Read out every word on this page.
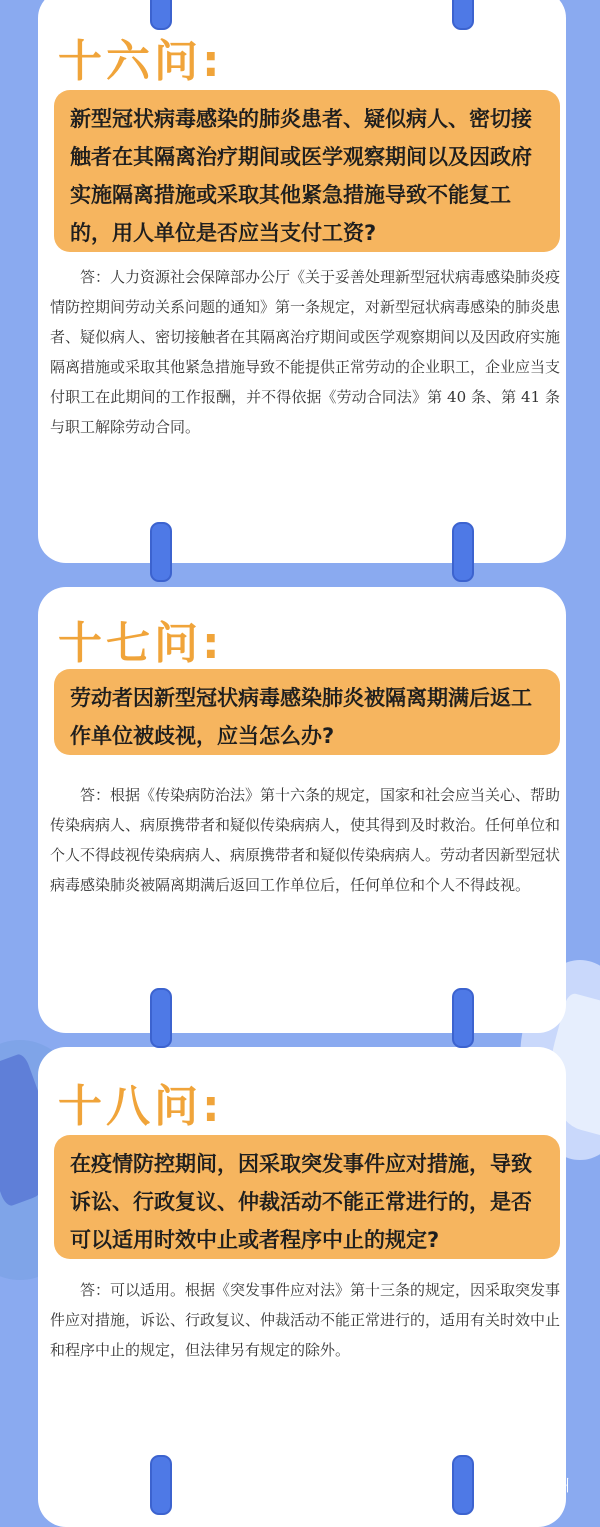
十六问:
新型冠状病毒感染的肺炎患者、疑似病人、密切接触者在其隔离治疗期间或医学观察期间以及因政府实施隔离措施或采取其他紧急措施导致不能复工的，用人单位是否应当支付工资?
答：人力资源社会保障部办公厅《关于妥善处理新型冠状病毒感染肺炎疫情防控期间劳动关系问题的通知》第一条规定，对新型冠状病毒感染的肺炎患者、疑似病人、密切接触者在其隔离治疗期间或医学观察期间以及因政府实施隔离措施或采取其他紧急措施导致不能提供正常劳动的企业职工，企业应当支付职工在此期间的工作报酬，并不得依据《劳动合同法》第 40 条、第 41 条与职工解除劳动合同。
十七问:
劳动者因新型冠状病毒感染肺炎被隔离期满后返工作单位被歧视，应当怎么办?
答：根据《传染病防治法》第十六条的规定，国家和社会应当关心、帮助传染病病人、病原携带者和疑似传染病病人，使其得到及时救治。任何单位和个人不得歧视传染病病人、病原携带者和疑似传染病病人。劳动者因新型冠状病毒感染肺炎被隔离期满后返回工作单位后，任何单位和个人不得歧视。
十八问:
在疫情防控期间，因采取突发事件应对措施，导致诉讼、行政复议、仲裁活动不能正常进行的，是否可以适用时效中止或者程序中止的规定?
答：可以适用。根据《突发事件应对法》第十三条的规定，因采取突发事件应对措施，诉讼、行政复议、仲裁活动不能正常进行的，适用有关时效中止和程序中止的规定，但法律另有规定的除外。
无线徐州
